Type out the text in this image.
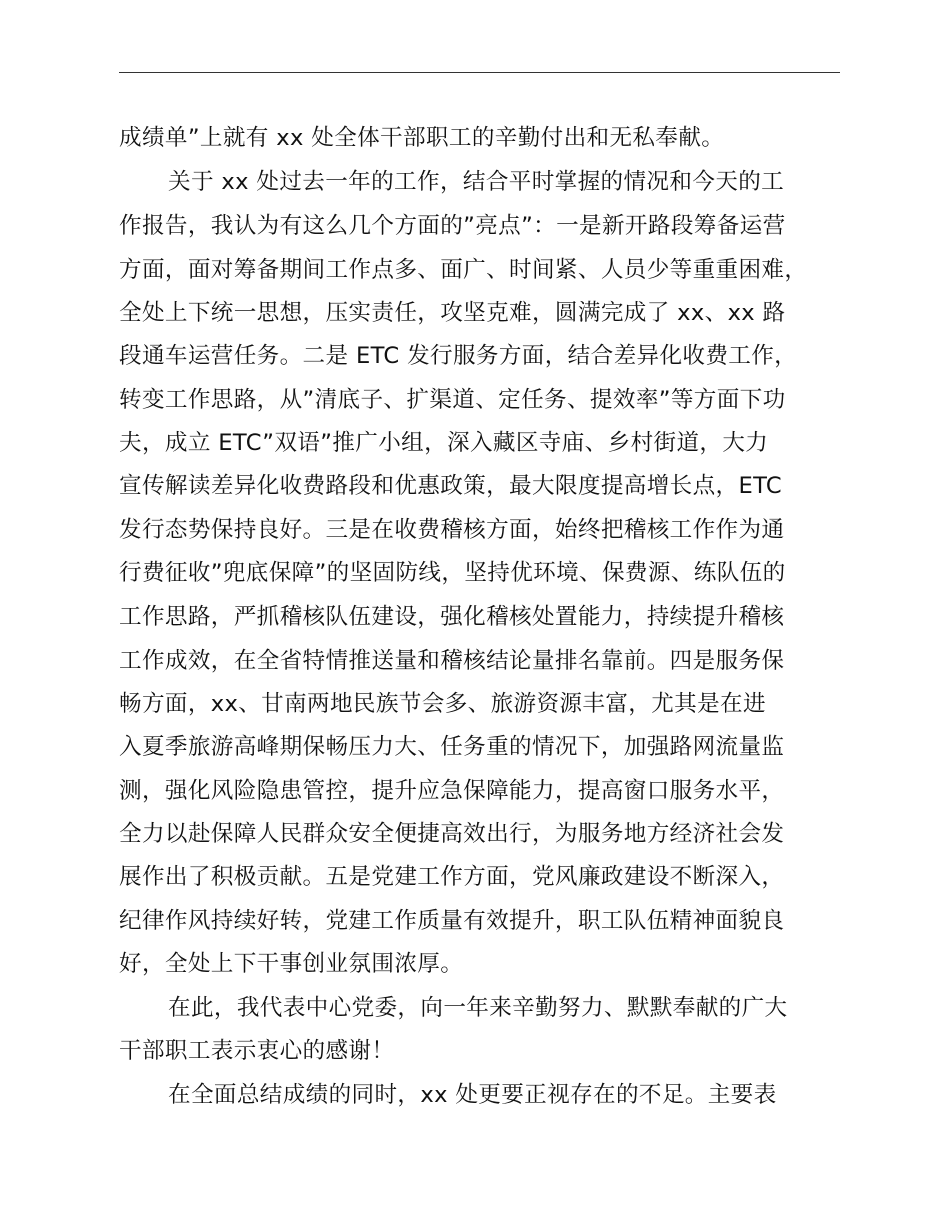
成绩单”上就有 xx 处全体干部职工的辛勤付出和无私奉献。
关于 xx 处过去一年的工作，结合平时掌握的情况和今天的工
作报告，我认为有这么几个方面的”亮点”：一是新开路段筹备运营
方面，面对筹备期间工作点多、面广、时间紧、人员少等重重困难，
全处上下统一思想，压实责任，攻坚克难，圆满完成了 xx、xx 路
段通车运营任务。二是 ETC 发行服务方面，结合差异化收费工作，
转变工作思路，从”清底子、扩渠道、定任务、提效率”等方面下功
夫，成立 ETC”双语”推广小组，深入藏区寺庙、乡村街道，大力
宣传解读差异化收费路段和优惠政策，最大限度提高增长点，ETC
发行态势保持良好。三是在收费稽核方面，始终把稽核工作作为通
行费征收”兜底保障”的坚固防线，坚持优环境、保费源、练队伍的
工作思路，严抓稽核队伍建设，强化稽核处置能力，持续提升稽核
工作成效，在全省特情推送量和稽核结论量排名靠前。四是服务保
畅方面，xx、甘南两地民族节会多、旅游资源丰富，尤其是在进
入夏季旅游高峰期保畅压力大、任务重的情况下，加强路网流量监
测，强化风险隐患管控，提升应急保障能力，提高窗口服务水平，
全力以赴保障人民群众安全便捷高效出行，为服务地方经济社会发
展作出了积极贡献。五是党建工作方面，党风廉政建设不断深入，
纪律作风持续好转，党建工作质量有效提升，职工队伍精神面貌良
好，全处上下干事创业氛围浓厚。
在此，我代表中心党委，向一年来辛勤努力、默默奉献的广大
干部职工表示衷心的感谢！
在全面总结成绩的同时，xx 处更要正视存在的不足。主要表
